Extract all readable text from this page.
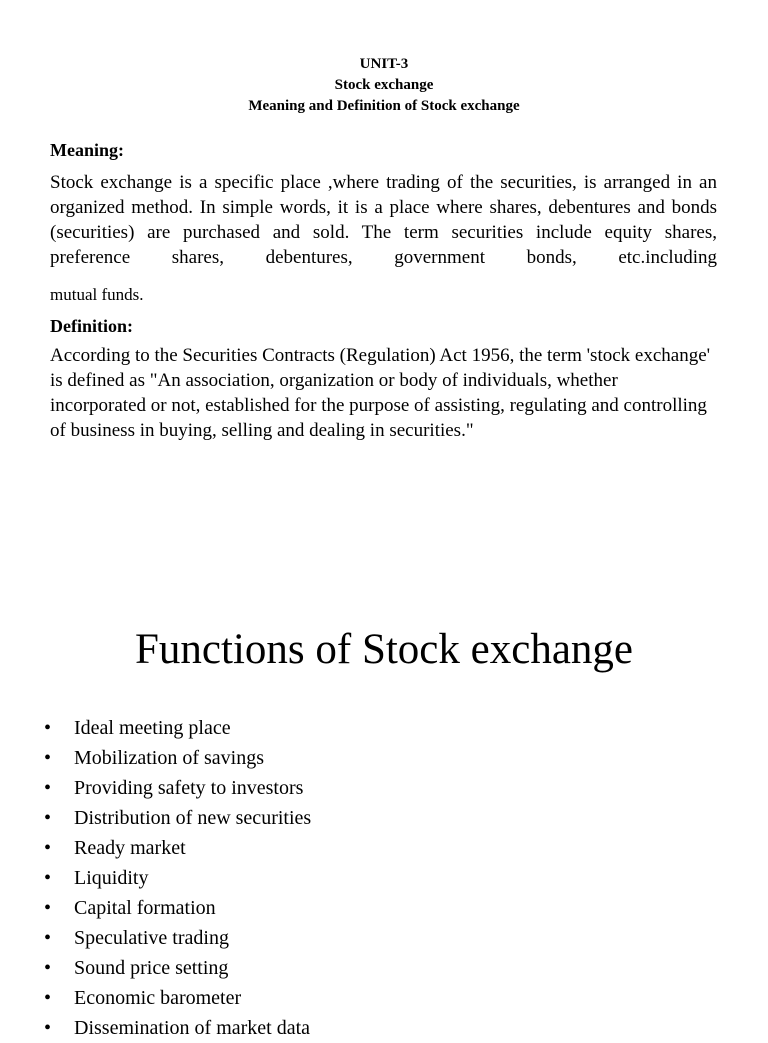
UNIT-3
Stock exchange
Meaning and Definition of Stock exchange
Meaning:
Stock exchange is a specific place ,where trading of the securities, is arranged in an organized method. In simple words, it is a place where shares, debentures and bonds (securities) are purchased and sold. The term securities include equity shares, preference shares, debentures, government bonds, etc.including
mutual funds.
Definition:
According to the Securities Contracts (Regulation) Act 1956, the term 'stock exchange' is defined as "An association, organization or body of individuals, whether incorporated or not, established for the purpose of assisting, regulating and controlling of business in buying, selling and dealing in securities."
Functions of Stock exchange
•	Ideal meeting place
•	Mobilization of savings
•	Providing safety to investors
•	Distribution of new securities
•	Ready market
•	Liquidity
•	Capital formation
•	Speculative trading
•	Sound price setting
•	Economic barometer
•	Dissemination of market data
